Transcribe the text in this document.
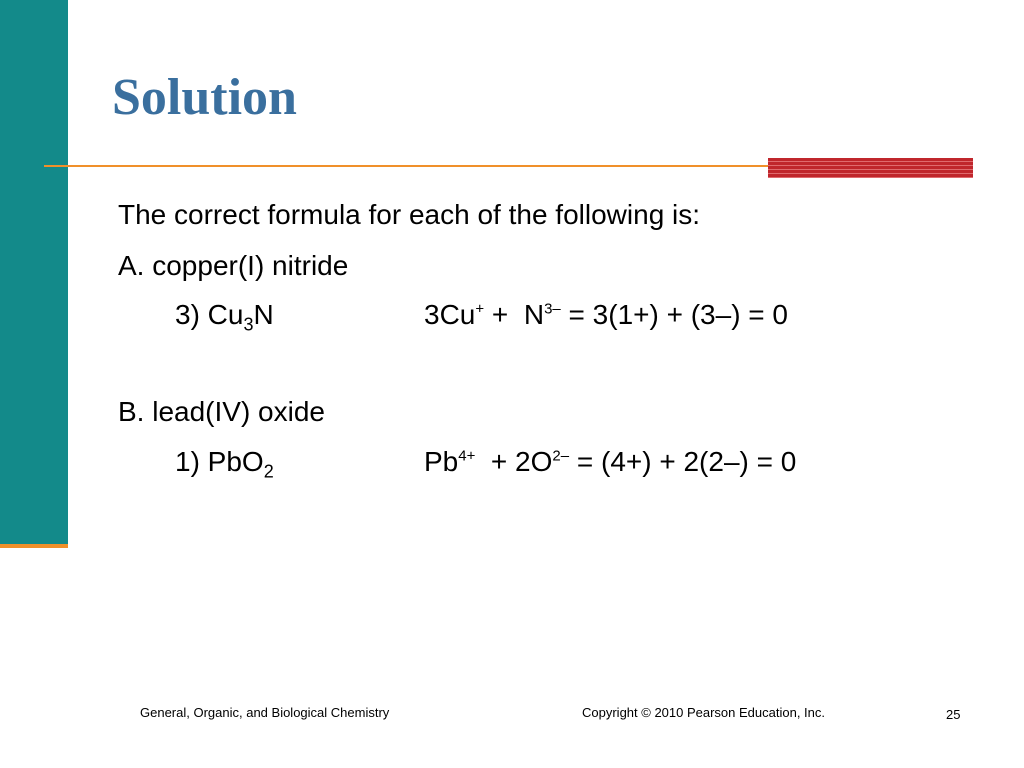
Solution
The correct formula for each of the following is:
A. copper(I) nitride
3) $Cu_3N$	$3Cu^+ + N^{3-} = 3(1+) + (3-) = 0$
B. lead(IV) oxide
1) PbO$_2$	$Pb^{4+} + 2O^{2-} = (4+) + 2(2-) = 0$
General, Organic, and Biological Chemistry	Copyright © 2010 Pearson Education, Inc.	25
